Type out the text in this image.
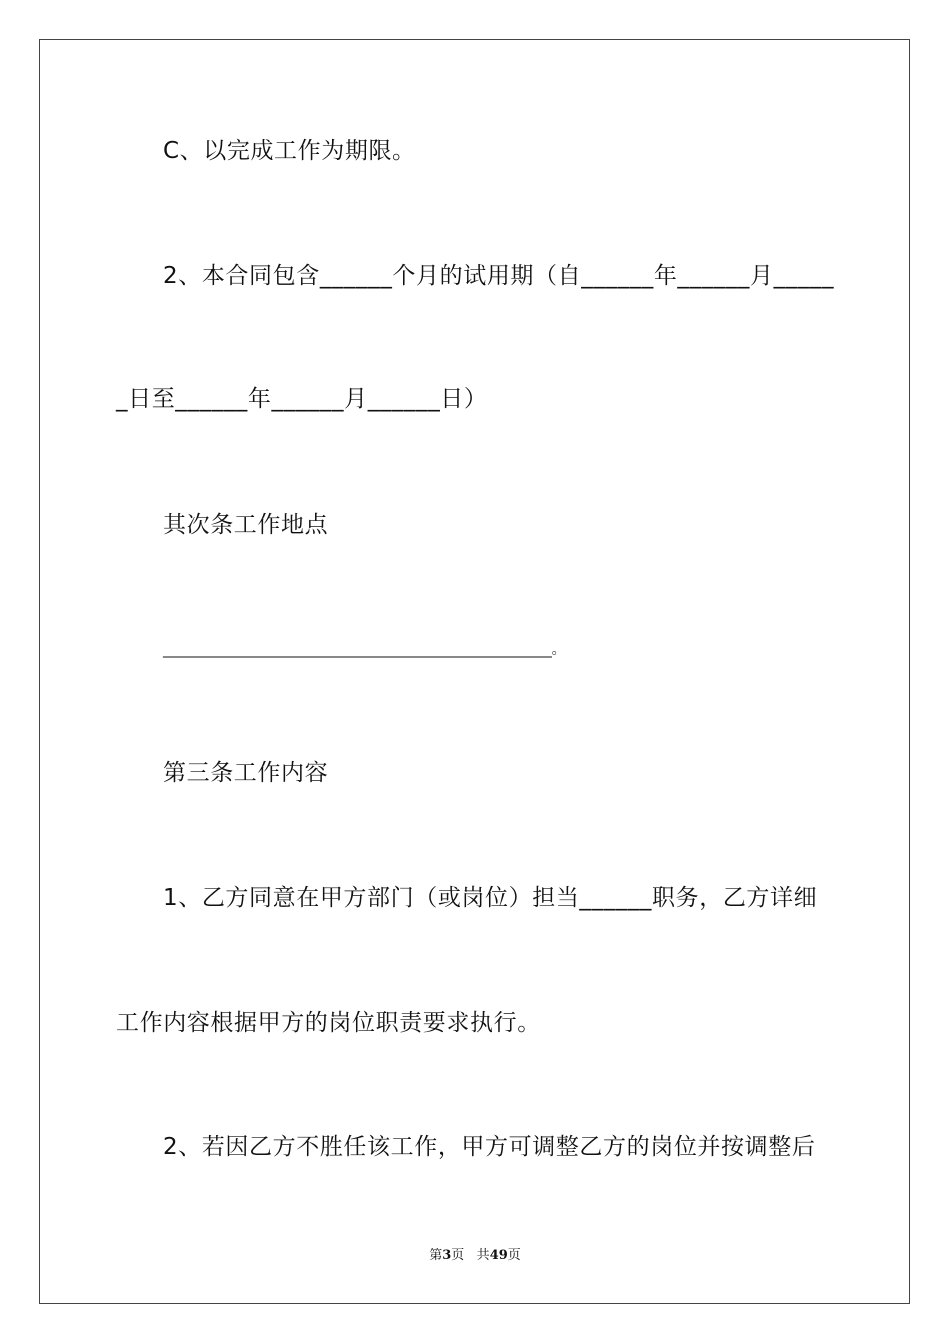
C、以完成工作为期限。
2、本合同包含______个月的试用期（自______年______月_____
_日至______年______月______日）
其次条工作地点
__________________________________________________________。
第三条工作内容
1、乙方同意在甲方部门（或岗位）担当______职务，乙方详细
工作内容根据甲方的岗位职责要求执行。
2、若因乙方不胜任该工作，甲方可调整乙方的岗位并按调整后
第3页 共49页
